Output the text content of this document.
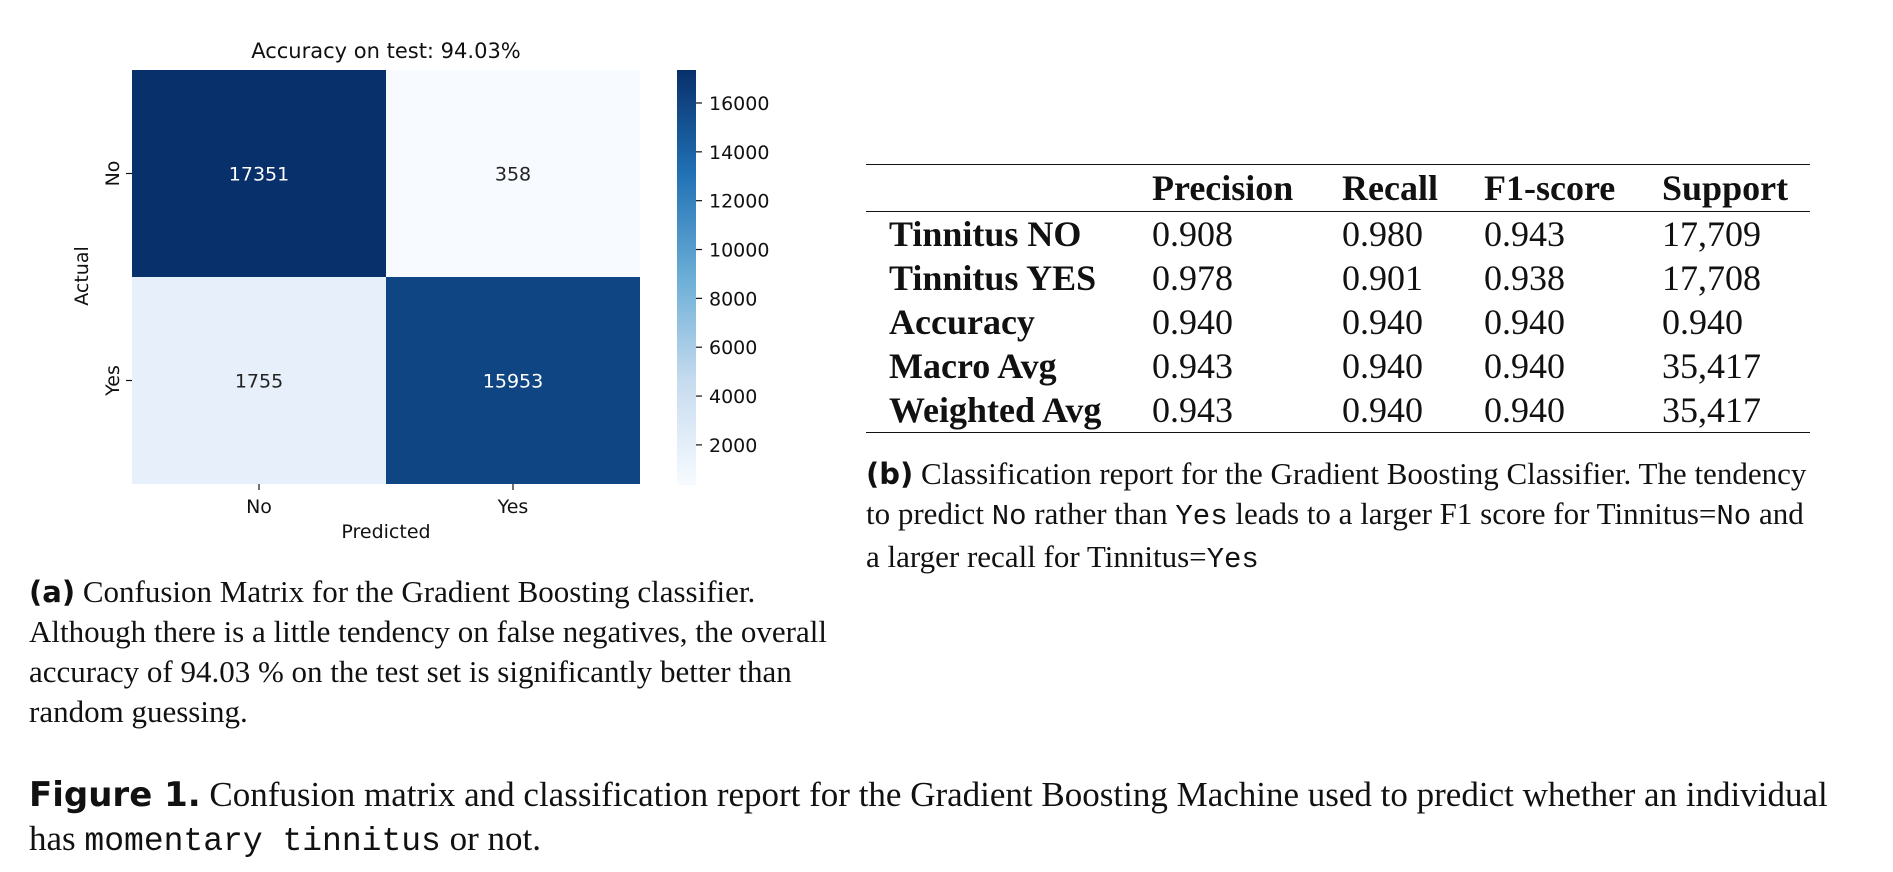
Accuracy on test: 94.03%
17351	358
1755	15953
No	Yes
No
Yes
Predicted
Actual
16000
14000
12000
10000
8000
6000
4000
2000
(a) Confusion Matrix for the Gradient Boosting classifier. Although there is a little tendency on false negatives, the overall accuracy of 94.03 % on the test set is significantly better than random guessing.
	Precision	Recall	F1-score	Support
Tinnitus NO	0.908	0.980	0.943	17,709
Tinnitus YES	0.978	0.901	0.938	17,708
Accuracy	0.940	0.940	0.940	0.940
Macro Avg	0.943	0.940	0.940	35,417
Weighted Avg	0.943	0.940	0.940	35,417
(b) Classification report for the Gradient Boosting Classifier. The tendency to predict No rather than Yes leads to a larger F1 score for Tinnitus=No and a larger recall for Tinnitus=Yes
Figure 1. Confusion matrix and classification report for the Gradient Boosting Machine used to predict whether an individual has momentary tinnitus or not.
